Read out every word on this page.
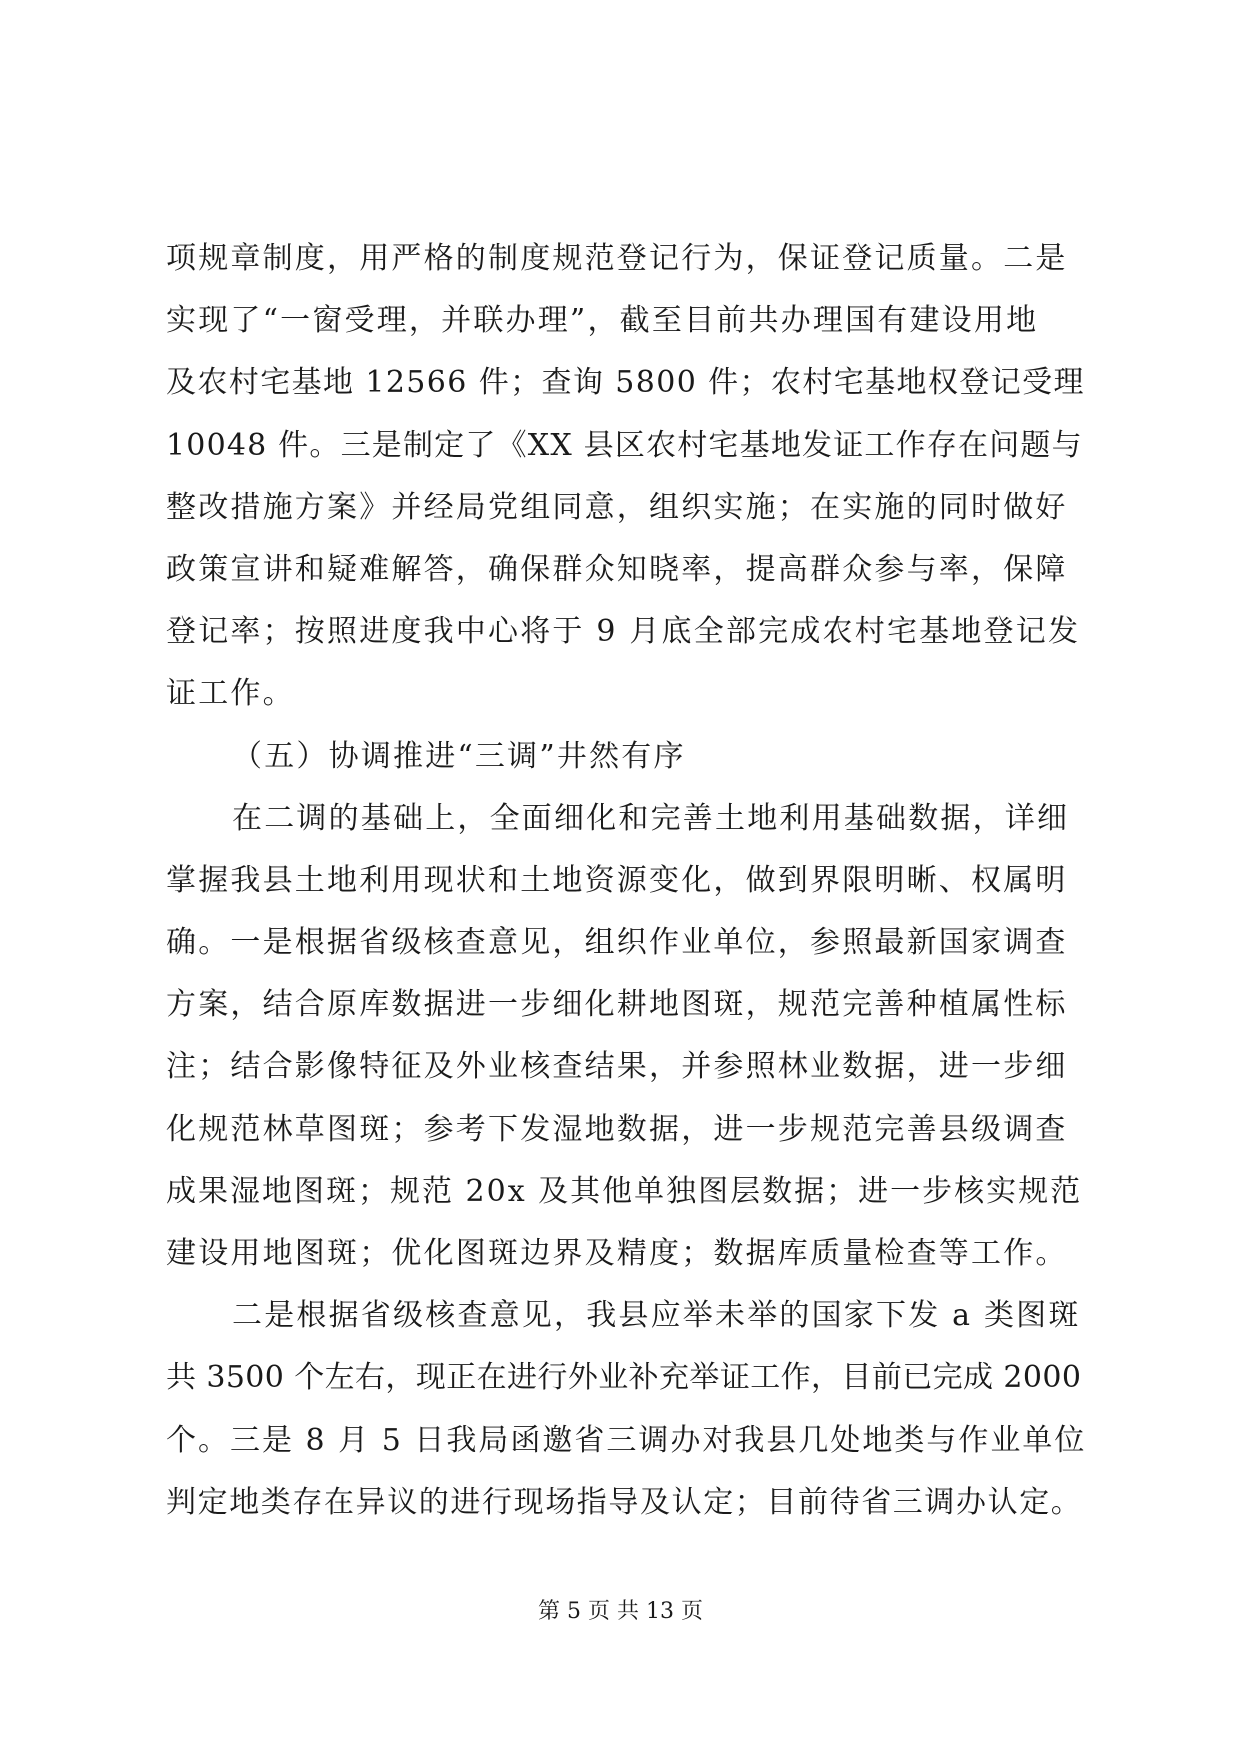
项规章制度，用严格的制度规范登记行为，保证登记质量。二是
实现了“一窗受理，并联办理”，截至目前共办理国有建设用地
及农村宅基地 12566 件；查询 5800 件；农村宅基地权登记受理
10048 件。三是制定了《XX 县区农村宅基地发证工作存在问题与
整改措施方案》并经局党组同意，组织实施；在实施的同时做好
政策宣讲和疑难解答，确保群众知晓率，提高群众参与率，保障
登记率；按照进度我中心将于 9 月底全部完成农村宅基地登记发
证工作。
（五）协调推进“三调”井然有序
在二调的基础上，全面细化和完善土地利用基础数据，详细
掌握我县土地利用现状和土地资源变化，做到界限明晰、权属明
确。一是根据省级核查意见，组织作业单位，参照最新国家调查
方案，结合原库数据进一步细化耕地图斑，规范完善种植属性标
注；结合影像特征及外业核查结果，并参照林业数据，进一步细
化规范林草图斑；参考下发湿地数据，进一步规范完善县级调查
成果湿地图斑；规范 20x 及其他单独图层数据；进一步核实规范
建设用地图斑；优化图斑边界及精度；数据库质量检查等工作。
二是根据省级核查意见，我县应举未举的国家下发 a 类图斑
共 3500 个左右，现正在进行外业补充举证工作，目前已完成 2000
个。三是 8 月 5 日我局函邀省三调办对我县几处地类与作业单位
判定地类存在异议的进行现场指导及认定；目前待省三调办认定。
第 5 页 共 13 页
